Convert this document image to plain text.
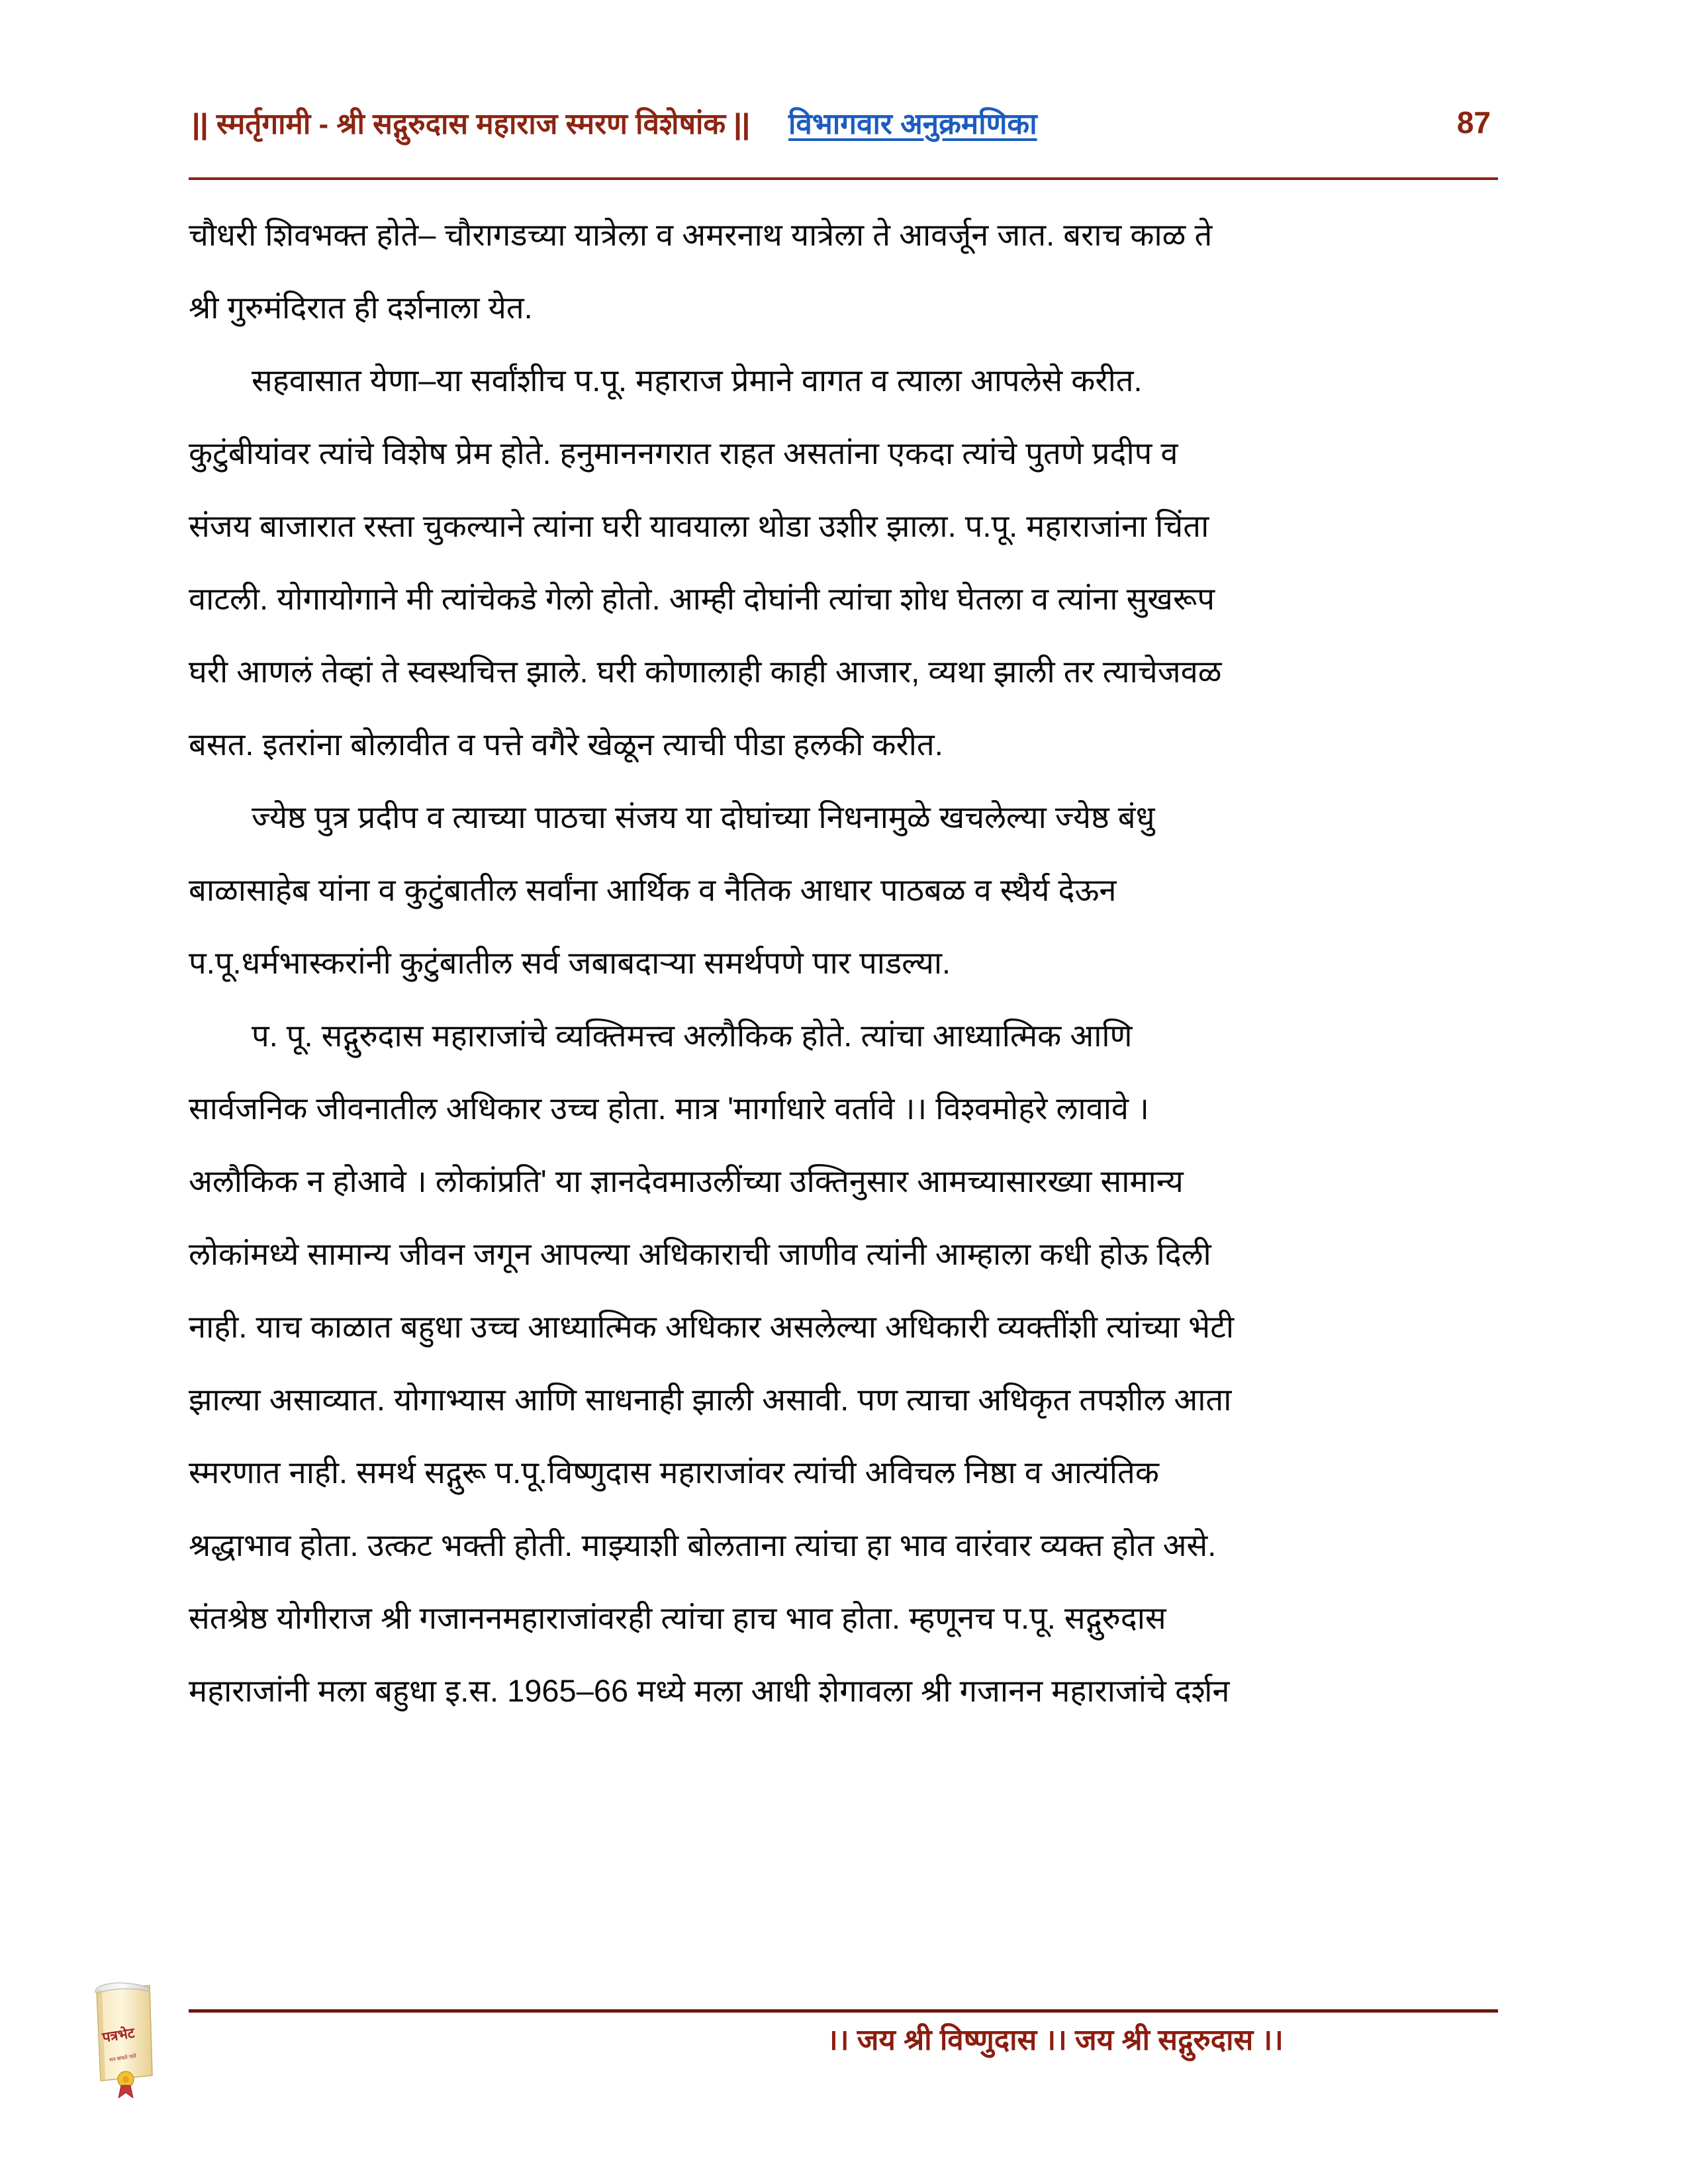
|| स्मर्तृगामी - श्री सद्गुरुदास महाराज स्मरण विशेषांक || विभागवार अनुक्रमणिका	87

चौधरी शिवभक्त होते– चौरागडच्या यात्रेला व अमरनाथ यात्रेला ते आवर्जून जात. बराच काळ ते
श्री गुरुमंदिरात ही दर्शनाला येत.

सहवासात येणा–या सर्वांशीच प.पू. महाराज प्रेमाने वागत व त्याला आपलेसे करीत.
कुटुंबीयांवर त्यांचे विशेष प्रेम होते. हनुमाननगरात राहत असतांना एकदा त्यांचे पुतणे प्रदीप व
संजय बाजारात रस्ता चुकल्याने त्यांना घरी यावयाला थोडा उशीर झाला. प.पू. महाराजांना चिंता
वाटली. योगायोगाने मी त्यांचेकडे गेलो होतो. आम्ही दोघांनी त्यांचा शोध घेतला व त्यांना सुखरूप
घरी आणलं तेव्हां ते स्वस्थचित्त झाले. घरी कोणालाही काही आजार, व्यथा झाली तर त्याचेजवळ
बसत. इतरांना बोलावीत व पत्ते वगैरे खेळून त्याची पीडा हलकी करीत.

ज्येष्ठ पुत्र प्रदीप व त्याच्या पाठचा संजय या दोघांच्या निधनामुळे खचलेल्या ज्येष्ठ बंधु
बाळासाहेब यांना व कुटुंबातील सर्वांना आर्थिक व नैतिक आधार पाठबळ व स्थैर्य देऊन
प.पू.धर्मभास्करांनी कुटुंबातील सर्व जबाबदाऱ्या समर्थपणे पार पाडल्या.

प. पू. सद्गुरुदास महाराजांचे व्यक्तिमत्त्व अलौकिक होते. त्यांचा आध्यात्मिक आणि
सार्वजनिक जीवनातील अधिकार उच्च होता. मात्र 'मार्गाधारे वर्तावे ।। विश्वमोहरे लावावे ।
अलौकिक न होआवे । लोकांप्रति' या ज्ञानदेवमाउलींच्या उक्तिनुसार आमच्यासारख्या सामान्य
लोकांमध्ये सामान्य जीवन जगून आपल्या अधिकाराची जाणीव त्यांनी आम्हाला कधी होऊ दिली
नाही. याच काळात बहुधा उच्च आध्यात्मिक अधिकार असलेल्या अधिकारी व्यक्तींशी त्यांच्या भेटी
झाल्या असाव्यात. योगाभ्यास आणि साधनाही झाली असावी. पण त्याचा अधिकृत तपशील आता
स्मरणात नाही. समर्थ सद्गुरू प.पू.विष्णुदास महाराजांवर त्यांची अविचल निष्ठा व आत्यंतिक
श्रद्धाभाव होता. उत्कट भक्ती होती. माझ्याशी बोलताना त्यांचा हा भाव वारंवार व्यक्त होत असे.
संतश्रेष्ठ योगीराज श्री गजाननमहाराजांवरही त्यांचा हाच भाव होता. म्हणूनच प.पू. सद्गुरुदास
महाराजांनी मला बहुधा इ.स. 1965–66 मध्ये मला आधी शेगावला श्री गजानन महाराजांचे दर्शन

।। जय श्री विष्णुदास ।। जय श्री सद्गुरुदास ।।
पत्रभेट
मन बांधते नाते
